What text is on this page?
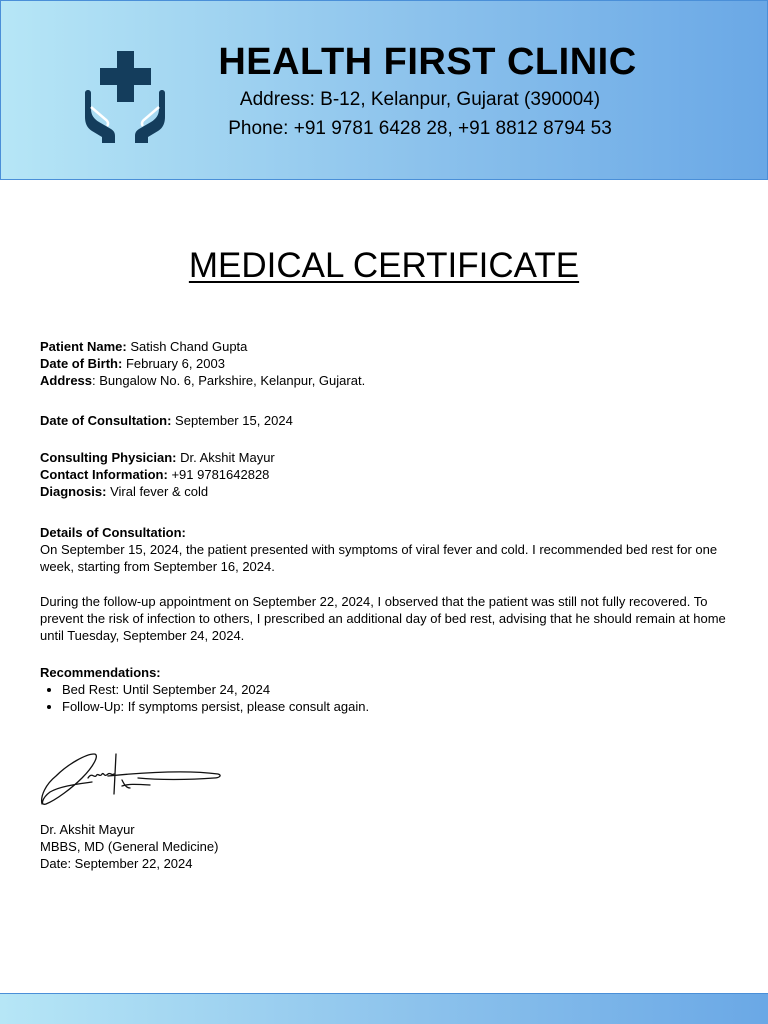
HEALTH FIRST CLINIC
Address: B-12, Kelanpur, Gujarat (390004)
Phone: +91 9781 6428 28, +91 8812 8794 53
MEDICAL CERTIFICATE

Patient Name: Satish Chand Gupta

Date of Birth: February 6, 2003

Address: Bungalow No. 6, Parkshire, Kelanpur, Gujarat.

Date of Consultation: September 15, 2024

Consulting Physician: Dr. Akshit Mayur

Contact Information: +91 9781642828

Diagnosis: Viral fever & cold

Details of Consultation:

On September 15, 2024, the patient presented with symptoms of viral fever and cold. I recommended bed rest for one week, starting from September 16, 2024.

During the follow-up appointment on September 22, 2024, I observed that the patient was still not fully recovered. To prevent the risk of infection to others, I prescribed an additional day of bed rest, advising that he should remain at home until Tuesday, September 24, 2024.

Recommendations:

• Bed Rest: Until September 24, 2024
• Follow-Up: If symptoms persist, please consult again.

Dr. Akshit Mayur

MBBS, MD (General Medicine)

Date: September 22, 2024
